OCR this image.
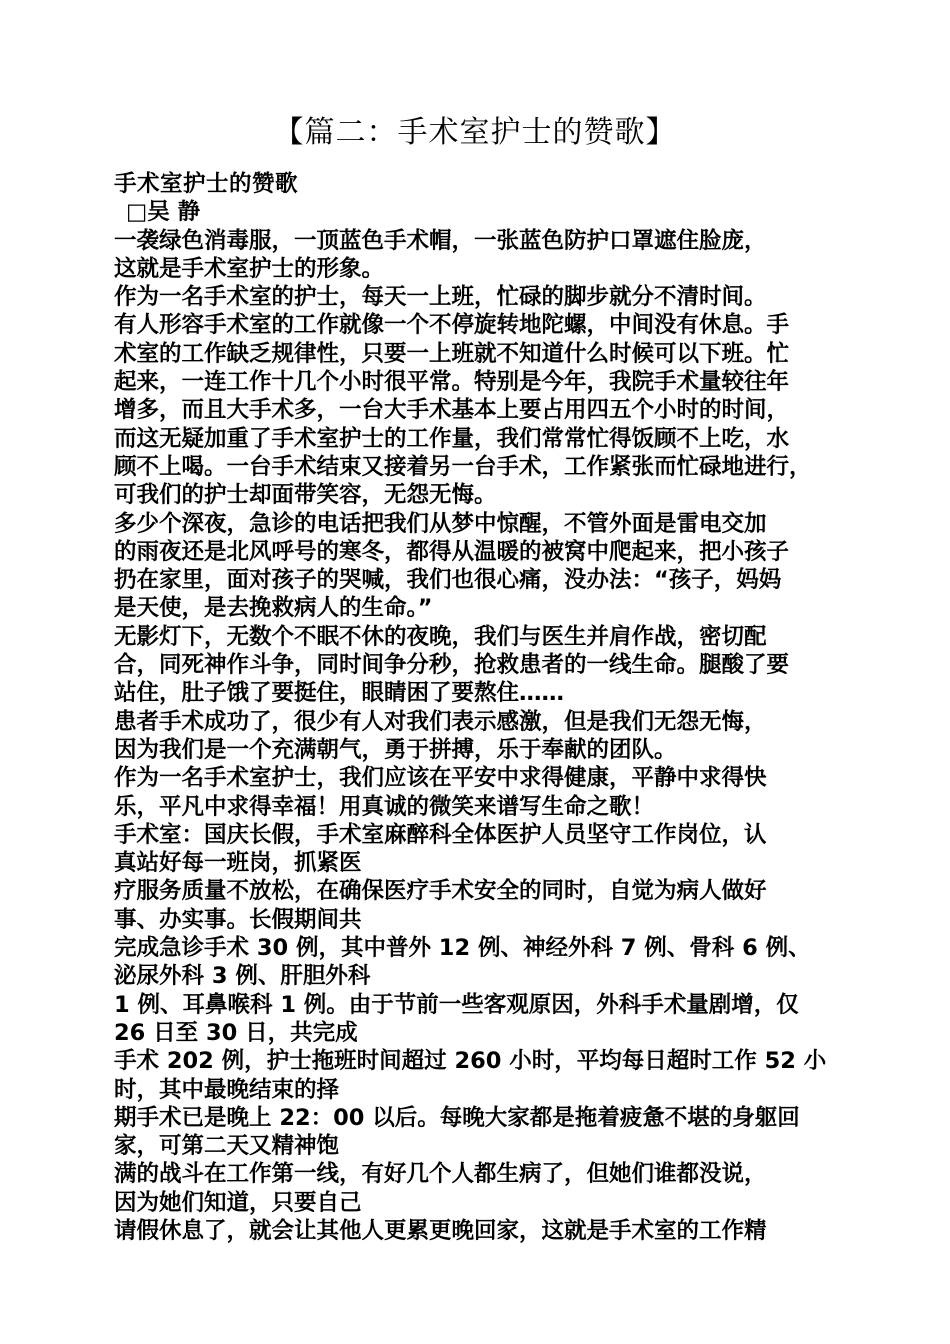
【篇二：手术室护士的赞歌】
手术室护士的赞歌
□吴 静
一袭绿色消毒服，一顶蓝色手术帽，一张蓝色防护口罩遮住脸庞，
这就是手术室护士的形象。
作为一名手术室的护士，每天一上班，忙碌的脚步就分不清时间。
有人形容手术室的工作就像一个不停旋转地陀螺，中间没有休息。手
术室的工作缺乏规律性，只要一上班就不知道什么时候可以下班。忙
起来，一连工作十几个小时很平常。特别是今年，我院手术量较往年
增多，而且大手术多，一台大手术基本上要占用四五个小时的时间，
而这无疑加重了手术室护士的工作量，我们常常忙得饭顾不上吃，水
顾不上喝。一台手术结束又接着另一台手术，工作紧张而忙碌地进行，
可我们的护士却面带笑容，无怨无悔。
多少个深夜，急诊的电话把我们从梦中惊醒，不管外面是雷电交加
的雨夜还是北风呼号的寒冬，都得从温暖的被窝中爬起来，把小孩子
扔在家里，面对孩子的哭喊，我们也很心痛，没办法：“孩子，妈妈
是天使，是去挽救病人的生命。”
无影灯下，无数个不眠不休的夜晚，我们与医生并肩作战，密切配
合，同死神作斗争，同时间争分秒，抢救患者的一线生命。腿酸了要
站住，肚子饿了要挺住，眼睛困了要熬住……
患者手术成功了，很少有人对我们表示感激，但是我们无怨无悔，
因为我们是一个充满朝气，勇于拼搏，乐于奉献的团队。
作为一名手术室护士，我们应该在平安中求得健康，平静中求得快
乐，平凡中求得幸福！用真诚的微笑来谱写生命之歌！
手术室：国庆长假，手术室麻醉科全体医护人员坚守工作岗位，认
真站好每一班岗，抓紧医
疗服务质量不放松，在确保医疗手术安全的同时，自觉为病人做好
事、办实事。长假期间共
完成急诊手术 30 例，其中普外 12 例、神经外科 7 例、骨科 6 例、
泌尿外科 3 例、肝胆外科
1 例、耳鼻喉科 1 例。由于节前一些客观原因，外科手术量剧增，仅
26 日至 30 日，共完成
手术 202 例，护士拖班时间超过 260 小时，平均每日超时工作 52 小
时，其中最晚结束的择
期手术已是晚上 22：00 以后。每晚大家都是拖着疲惫不堪的身躯回
家，可第二天又精神饱
满的战斗在工作第一线，有好几个人都生病了，但她们谁都没说，
因为她们知道，只要自己
请假休息了，就会让其他人更累更晚回家，这就是手术室的工作精
